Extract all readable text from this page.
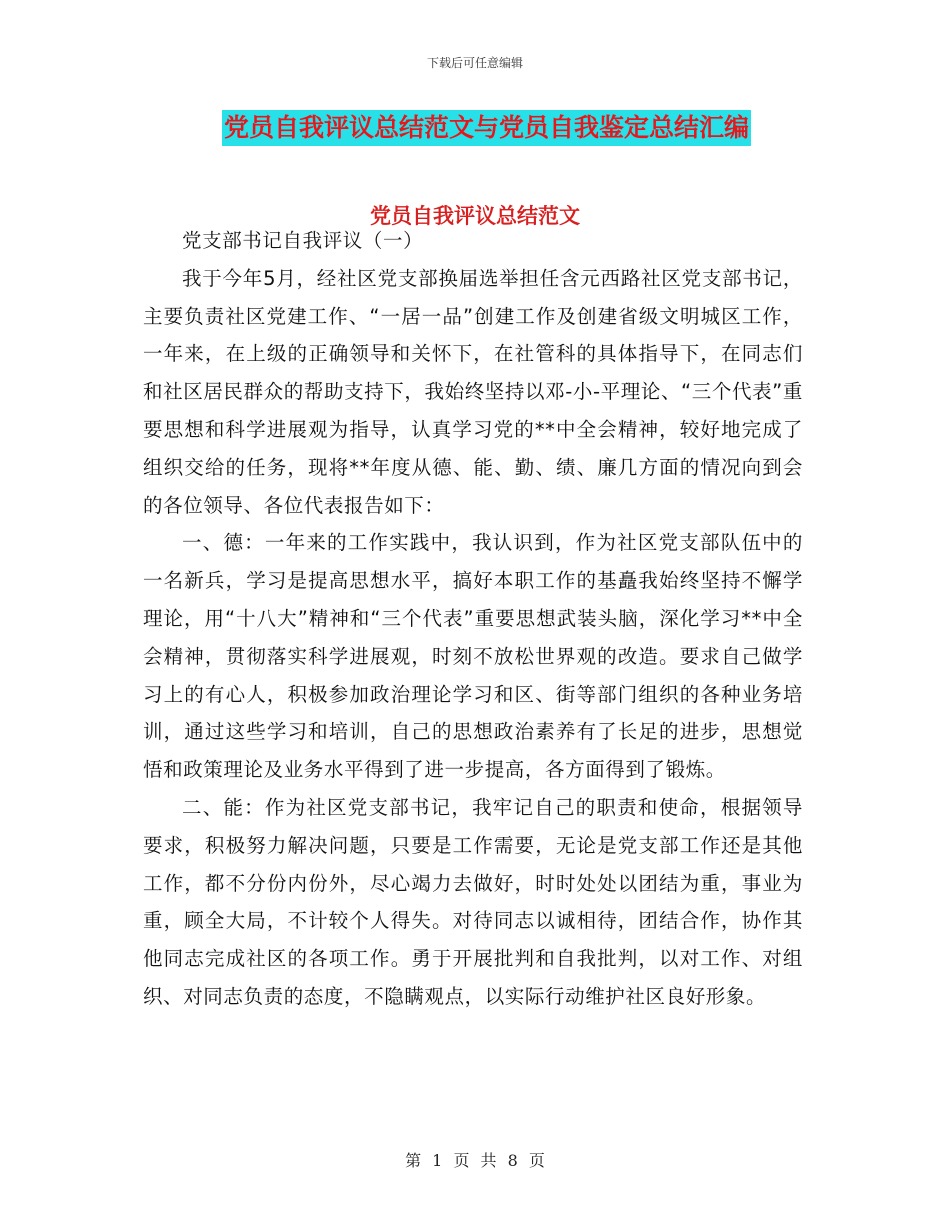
下载后可任意编辑
党员自我评议总结范文与党员自我鉴定总结汇编
党员自我评议总结范文

党支部书记自我评议（一）

我于今年5月，经社区党支部换届选举担任含元西路社区党支部书记，主要负责社区党建工作、“一居一品”创建工作及创建省级文明城区工作，一年来，在上级的正确领导和关怀下，在社管科的具体指导下，在同志们和社区居民群众的帮助支持下，我始终坚持以邓-小-平理论、“三个代表”重要思想和科学进展观为指导，认真学习党的**中全会精神，较好地完成了组织交给的任务，现将**年度从德、能、勤、绩、廉几方面的情况向到会的各位领导、各位代表报告如下：

一、德：一年来的工作实践中，我认识到，作为社区党支部队伍中的一名新兵，学习是提高思想水平，搞好本职工作的基矗我始终坚持不懈学理论，用“十八大”精神和“三个代表”重要思想武装头脑，深化学习**中全会精神，贯彻落实科学进展观，时刻不放松世界观的改造。要求自己做学习上的有心人，积极参加政治理论学习和区、街等部门组织的各种业务培训，通过这些学习和培训，自己的思想政治素养有了长足的进步，思想觉悟和政策理论及业务水平得到了进一步提高，各方面得到了锻炼。

二、能：作为社区党支部书记，我牢记自己的职责和使命，根据领导要求，积极努力解决问题，只要是工作需要，无论是党支部工作还是其他工作，都不分份内份外，尽心竭力去做好，时时处处以团结为重，事业为重，顾全大局，不计较个人得失。对待同志以诚相待，团结合作，协作其他同志完成社区的各项工作。勇于开展批判和自我批判，以对工作、对组织、对同志负责的态度，不隐瞒观点，以实际行动维护社区良好形象。

第 1 页 共 8 页
